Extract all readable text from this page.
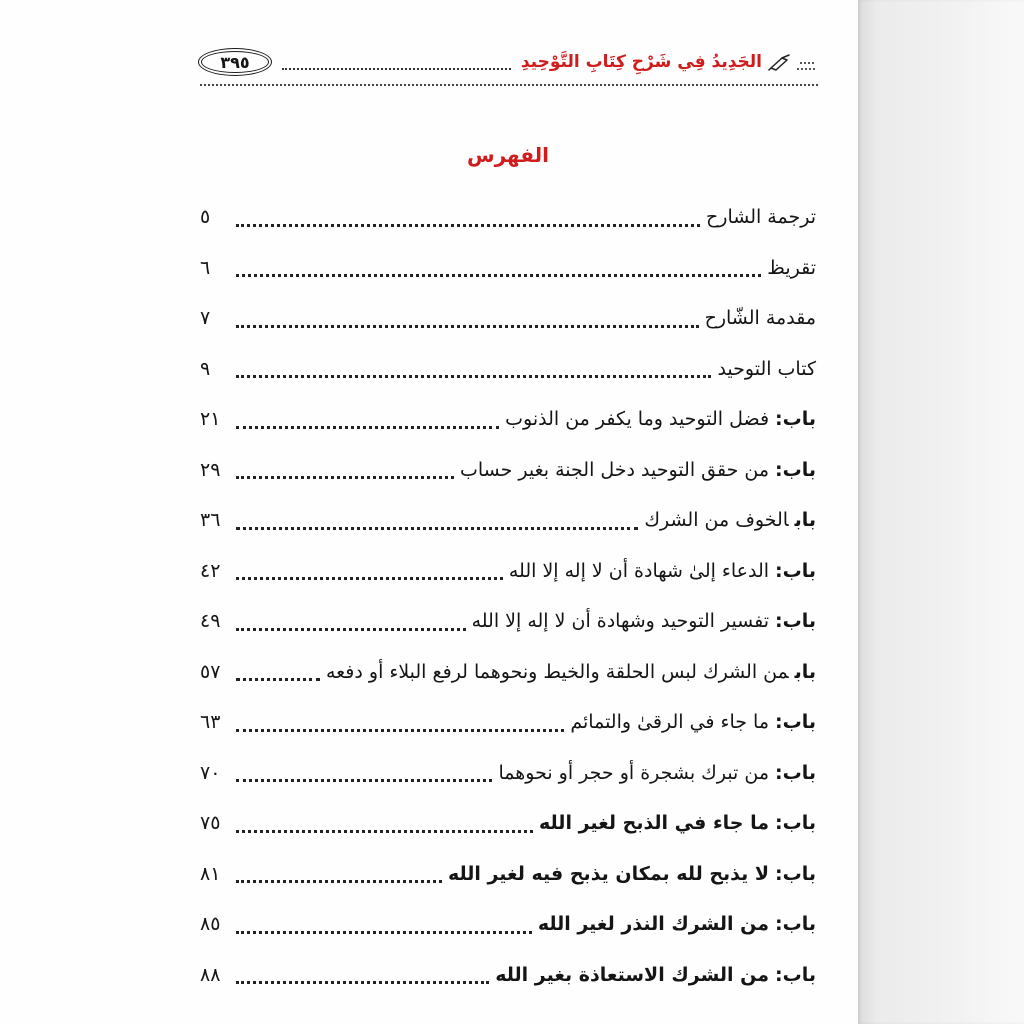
٣٩٥	الجَدِيدُ فِي شَرْحِ كِتَابِ التَّوْحِيدِ
الفهرس
ترجمة الشارح
٥
تقريظ
٦
مقدمة الشّارح
٧
كتاب التوحيد
٩
باب:فضل التوحيد وما يكفر من الذنوب
٢١
باب:من حقق التوحيد دخل الجنة بغير حساب
٢٩
بابالخوف من الشرك
٣٦
باب:الدعاء إلىٰ شهادة أن لا إله إلا الله
٤٢
باب:تفسير التوحيد وشهادة أن لا إله إلا الله
٤٩
بابمن الشرك لبس الحلقة والخيط ونحوهما لرفع البلاء أو دفعه
٥٧
باب:ما جاء في الرقىٰ والتمائم
٦٣
باب:من تبرك بشجرة أو حجر أو نحوهما
٧٠
باب:ما جاء في الذبح لغير الله
٧٥
باب:لا يذبح لله بمكان يذبح فيه لغير الله
٨١
باب:من الشرك النذر لغير الله
٨٥
باب:من الشرك الاستعاذة بغير الله
٨٨
